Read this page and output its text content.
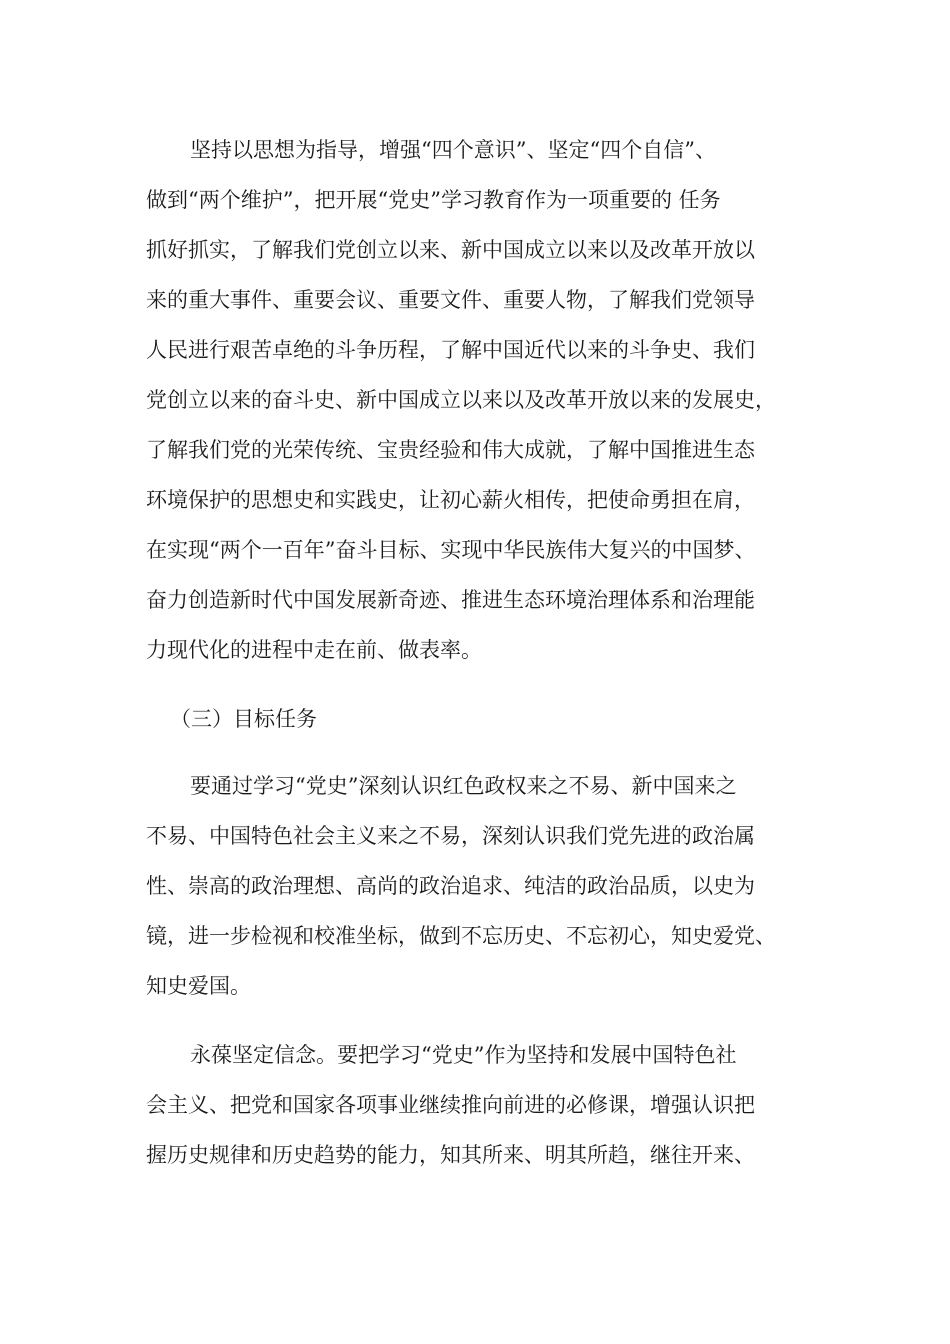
坚持以思想为指导，增强“四个意识”、坚定“四个自信”、

做到“两个维护”，把开展“党史”学习教育作为一项重要的 任务

抓好抓实，了解我们党创立以来、新中国成立以来以及改革开放以

来的重大事件、重要会议、重要文件、重要人物，了解我们党领导

人民进行艰苦卓绝的斗争历程，了解中国近代以来的斗争史、我们

党创立以来的奋斗史、新中国成立以来以及改革开放以来的发展史，

了解我们党的光荣传统、宝贵经验和伟大成就，了解中国推进生态

环境保护的思想史和实践史，让初心薪火相传，把使命勇担在肩，

在实现“两个一百年”奋斗目标、实现中华民族伟大复兴的中国梦、

奋力创造新时代中国发展新奇迹、推进生态环境治理体系和治理能

力现代化的进程中走在前、做表率。

（三）目标任务

要通过学习“党史”深刻认识红色政权来之不易、新中国来之

不易、中国特色社会主义来之不易，深刻认识我们党先进的政治属

性、崇高的政治理想、高尚的政治追求、纯洁的政治品质，以史为

镜，进一步检视和校准坐标，做到不忘历史、不忘初心，知史爱党、

知史爱国。

永葆坚定信念。要把学习“党史”作为坚持和发展中国特色社

会主义、把党和国家各项事业继续推向前进的必修课，增强认识把

握历史规律和历史趋势的能力，知其所来、明其所趋，继往开来、
